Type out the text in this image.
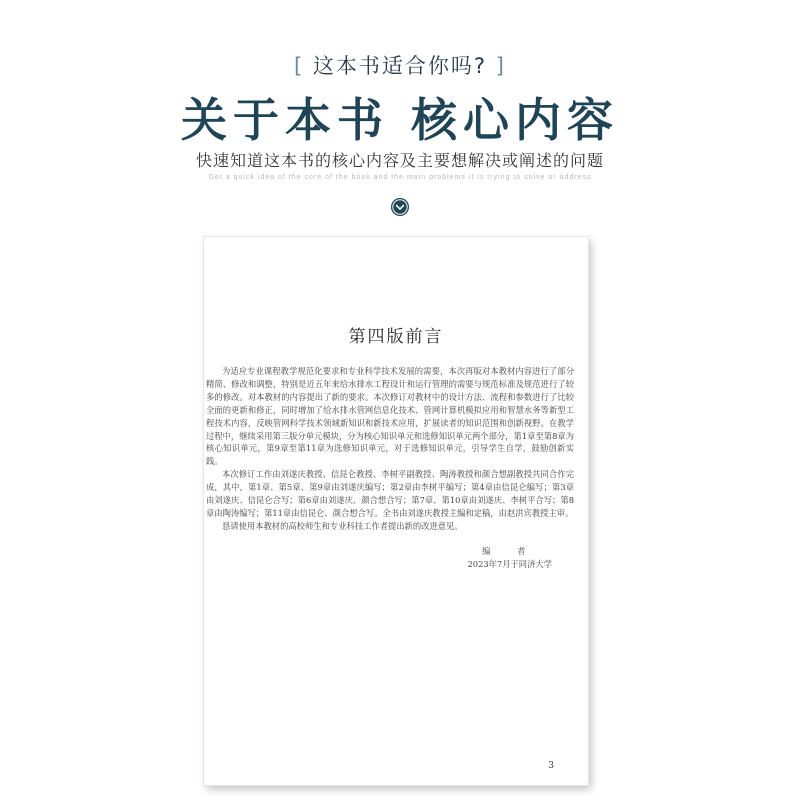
[ 这本书适合你吗? ]
关于本书 核心内容
快速知道这本书的核心内容及主要想解决或阐述的问题
Get a quick idea of the core of the book and the main problems it is trying to solve or address
第四版前言

为适应专业课程教学规范化要求和专业科学技术发展的需要，本次再版对本教材内容进行了部分精简、修改和调整，特别是近五年来给水排水工程设计和运行管理的需要与规范标准及规范进行了较多的修改。对本教材的内容提出了新的要求。本次修订对教材中的设计方法、流程和参数进行了比较全面的更新和修正，同时增加了给水排水管网信息化技术、管网计算机模拟应用和智慧水务等新型工程技术内容，反映管网科学技术领域新知识和新技术应用，扩展读者的知识范围和创新视野。在教学过程中，继续采用第三版分单元模块，分为核心知识单元和选修知识单元两个部分，第1章至第8章为核心知识单元，第9章至第11章为选修知识单元，对于选修知识单元，引导学生自学，鼓励创新实践。

本次修订工作由刘遂庆教授、信昆仑教授、李树平副教授、陶涛教授和颜合想副教授共同合作完成，其中，第1章、第5章、第9章由刘遂庆编写；第2章由李树平编写；第4章由信昆仑编写；第3章由刘遂庆、信昆仑合写；第6章由刘遂庆、颜合想合写；第7章、第10章由刘遂庆、李树平合写；第8章由陶涛编写；第11章由信昆仑、颜合想合写。全书由刘遂庆教授主编和定稿，由赵洪宾教授主审。

恳请使用本教材的高校师生和专业科技工作者提出新的改进意见。

编 者
2023年7月于同济大学
3
